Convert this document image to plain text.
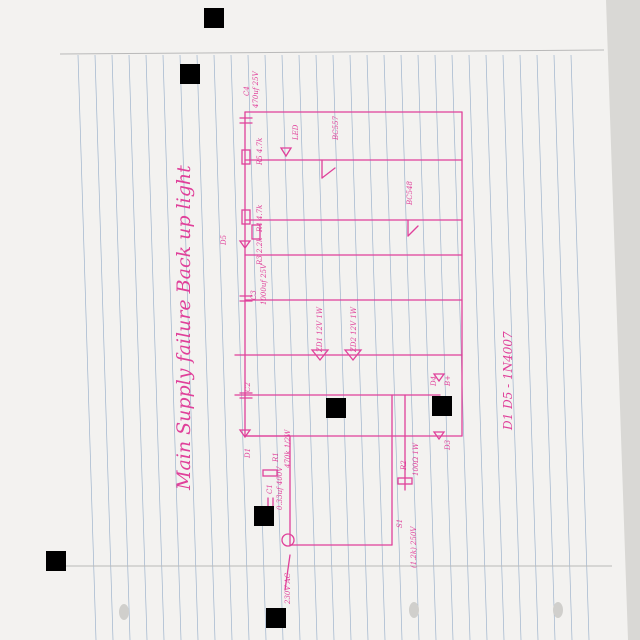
Main Supply failure Back up light
C4 470uf 25V
R5 4.7k
LED	BC557
BC548
R4 4.7k
D5	R3 2.2k
C3 1000uf 25V
ZD1 12V 1W	ZD2 12V 1W
C2
D1
B+
D4
D3
R1 470k 1/2W
C1 0.33uf 400V
R2 100Ω 1W
S1
(1.2k) 250V
230V AC
D1 D5 - 1N4007
